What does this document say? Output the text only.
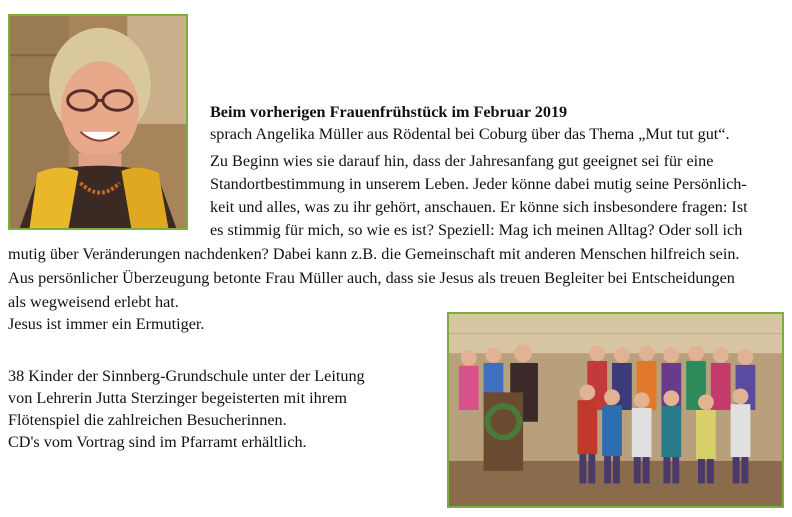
Beim vorherigen Frauenfrühstück im Februar 2019
sprach Angelika Müller aus Rödental bei Coburg über das Thema „Mut tut gut“.
Zu Beginn wies sie darauf hin, dass der Jahresanfang gut geeignet sei für eine
Standortbestimmung in unserem Leben. Jeder könne dabei mutig seine Persönlich-
keit und alles, was zu ihr gehört, anschauen. Er könne sich insbesondere fragen: Ist
es stimmig für mich, so wie es ist? Speziell: Mag ich meinen Alltag? Oder soll ich
mutig über Veränderungen nachdenken? Dabei kann z.B. die Gemeinschaft mit anderen Menschen hilfreich sein.
Aus persönlicher Überzeugung betonte Frau Müller auch, dass sie Jesus als treuen Begleiter bei Entscheidungen
als wegweisend erlebt hat.
Jesus ist immer ein Ermutiger.
38 Kinder der Sinnberg-Grundschule unter der Leitung
von Lehrerin Jutta Sterzinger begeisterten mit ihrem
Flötenspiel die zahlreichen Besucherinnen.
CD's vom Vortrag sind im Pfarramt erhältlich.
